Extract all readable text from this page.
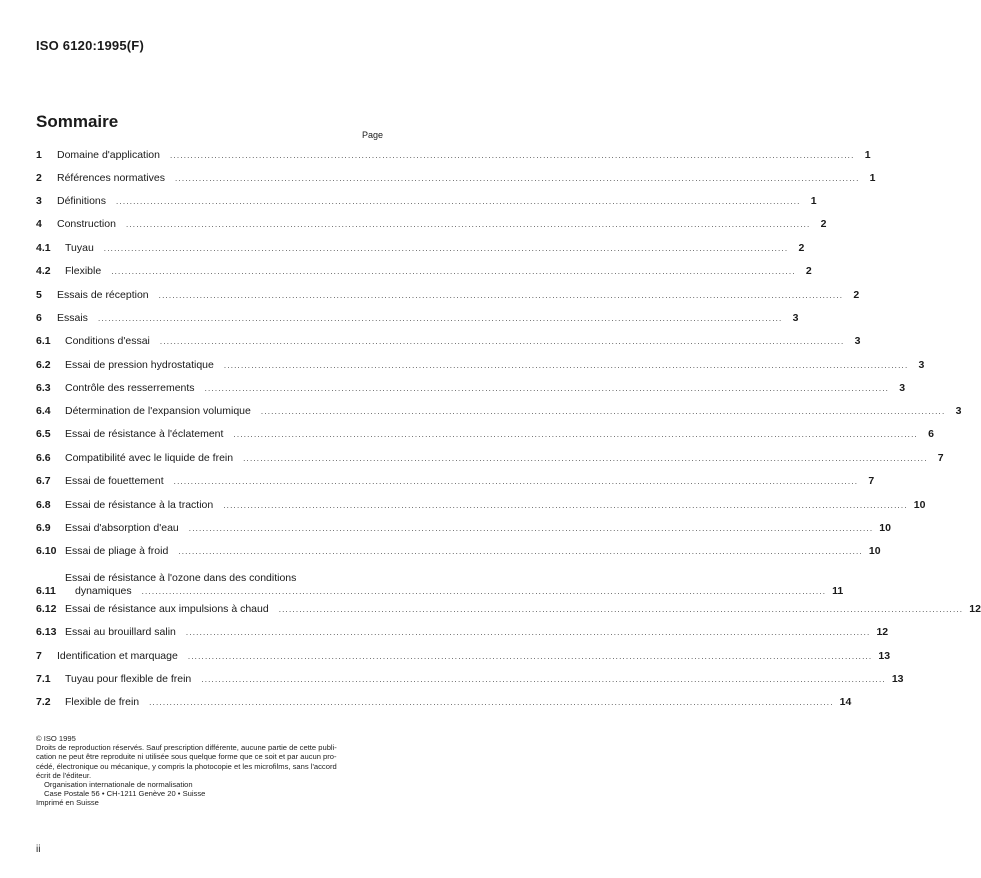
ISO 6120:1995(F)
Sommaire
Page
1	Domaine d'application .....	1
2	Références normatives .....	1
3	Définitions .....	1
4	Construction .....	2
4.1	Tuyau .....	2
4.2	Flexible .....	2
5	Essais de réception .....	2
6	Essais .....	3
6.1	Conditions d'essai .....	3
6.2	Essai de pression hydrostatique .....	3
6.3	Contrôle des resserrements .....	3
6.4	Détermination de l'expansion volumique .....	3
6.5	Essai de résistance à l'éclatement .....	6
6.6	Compatibilité avec le liquide de frein .....	7
6.7	Essai de fouettement .....	7
6.8	Essai de résistance à la traction .....	10
6.9	Essai d'absorption d'eau .....	10
6.10 Essai de pliage à froid .....	10
6.11
Essai de résistance à l'ozone dans des conditions
dynamiques .....	11
6.12 Essai de résistance aux impulsions à chaud .....	12
6.13 Essai au brouillard salin .....	12
7	Identification et marquage .....	13
7.1	Tuyau pour flexible de frein .....	13
7.2	Flexible de frein .....	14
© ISO 1995
Droits de reproduction réservés. Sauf prescription différente, aucune partie de cette publi-
cation ne peut être reproduite ni utilisée sous quelque forme que ce soit et par aucun pro-
cédé, électronique ou mécanique, y compris la photocopie et les microfilms, sans l'accord
écrit de l'éditeur.
Organisation internationale de normalisation
Case Postale 56 • CH-1211 Genève 20 • Suisse
Imprimé en Suisse
ii
